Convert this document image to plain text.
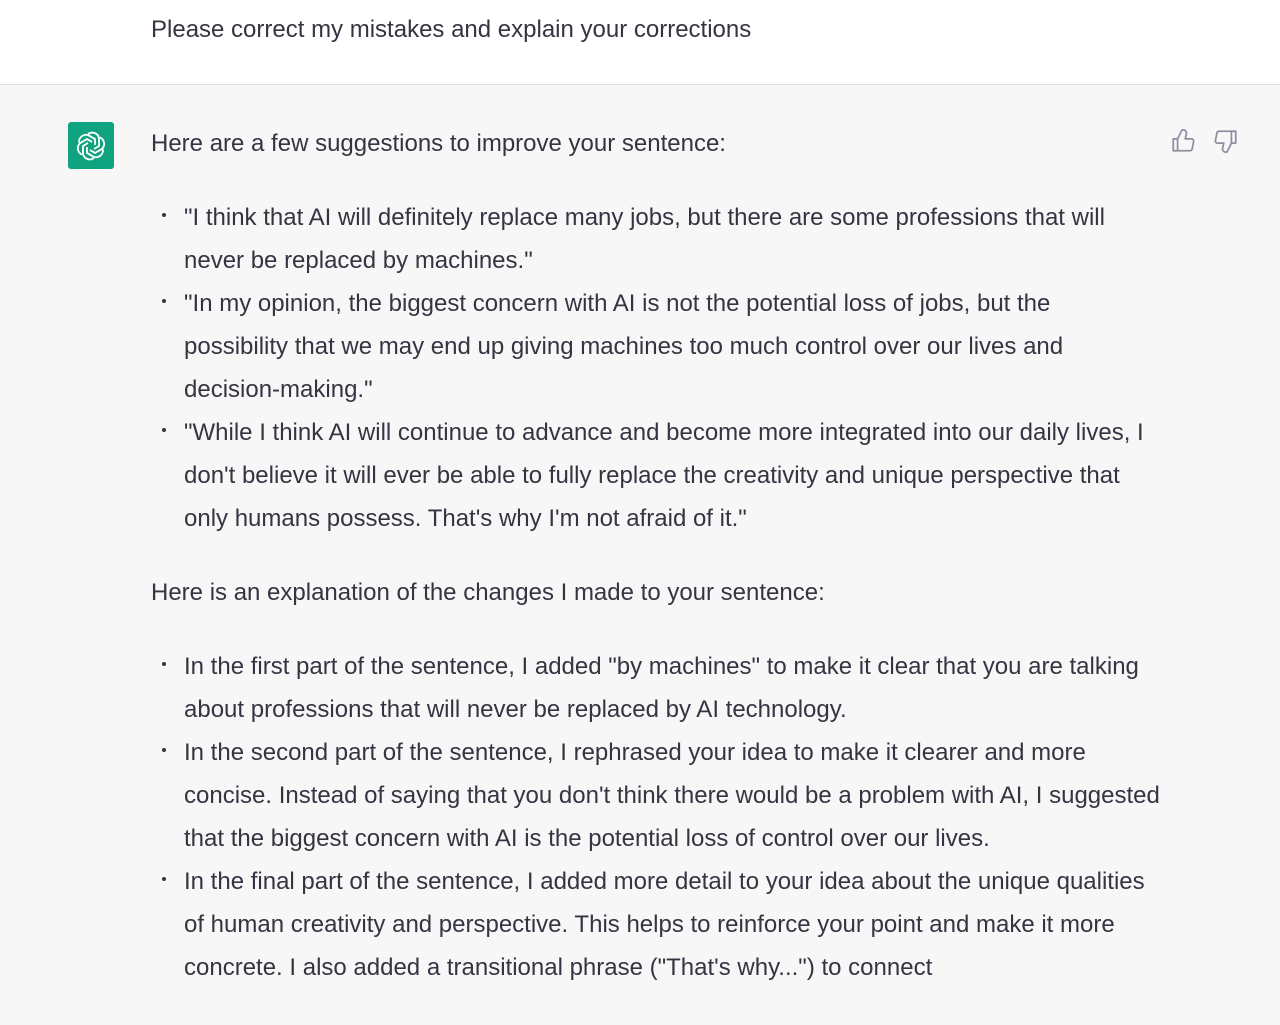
Please correct my mistakes and explain your corrections

Here are a few suggestions to improve your sentence:

"I think that AI will definitely replace many jobs, but there are some professions that will never be replaced by machines."
"In my opinion, the biggest concern with AI is not the potential loss of jobs, but the possibility that we may end up giving machines too much control over our lives and decision-making."
"While I think AI will continue to advance and become more integrated into our daily lives, I don't believe it will ever be able to fully replace the creativity and unique perspective that only humans possess. That's why I'm not afraid of it."

Here is an explanation of the changes I made to your sentence:

In the first part of the sentence, I added "by machines" to make it clear that you are talking about professions that will never be replaced by AI technology.
In the second part of the sentence, I rephrased your idea to make it clearer and more concise. Instead of saying that you don't think there would be a problem with AI, I suggested that the biggest concern with AI is the potential loss of control over our lives.
In the final part of the sentence, I added more detail to your idea about the unique qualities of human creativity and perspective. This helps to reinforce your point and make it more concrete. I also added a transitional phrase ("That's why...") to connect
